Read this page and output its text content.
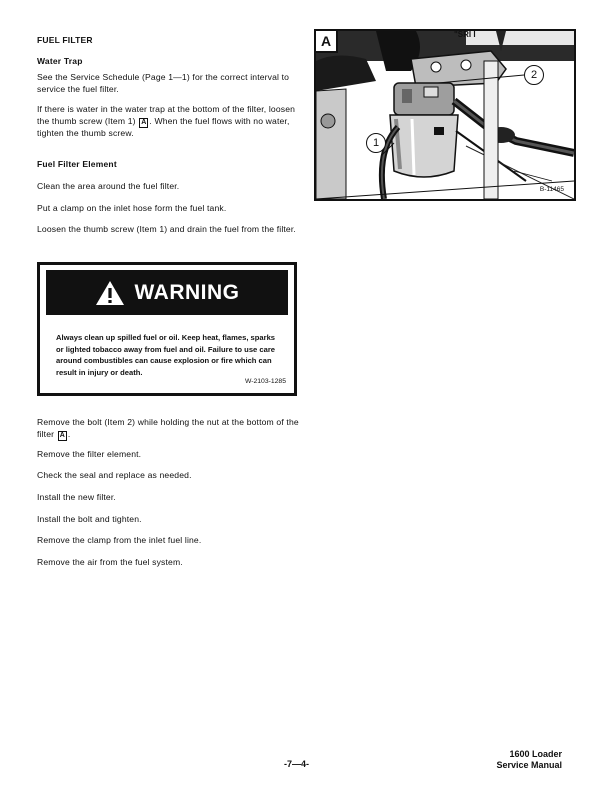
FUEL FILTER
Water Trap
See the Service Schedule (Page 1—1) for the correct interval to service the fuel filter.
If there is water in the water trap at the bottom of the filter, loosen the thumb screw (Item 1) A . When the fuel flows with no water, tighten the thumb screw.
Fuel Filter Element
Clean the area around the fuel filter.
Put a clamp on the inlet hose form the fuel tank.
Loosen the thumb screw (Item 1) and drain the fuel from the filter.
WARNING
Always clean up spilled fuel or oil. Keep heat, flames, sparks or lighted tobacco away from fuel and oil. Failure to use care around combustibles can cause explosion or fire which can result in injury or death.
W-2103-1285
Remove the bolt (Item 2) while holding the nut at the bottom of the filter A .
Remove the filter element.
Check the seal and replace as needed.
Install the new filter.
Install the bolt and tighten.
Remove the clamp from the inlet fuel line.
Remove the air from the fuel system.
A	"SRI I
1
2
B-11465
-7—4-
1600 Loader
Service Manual
